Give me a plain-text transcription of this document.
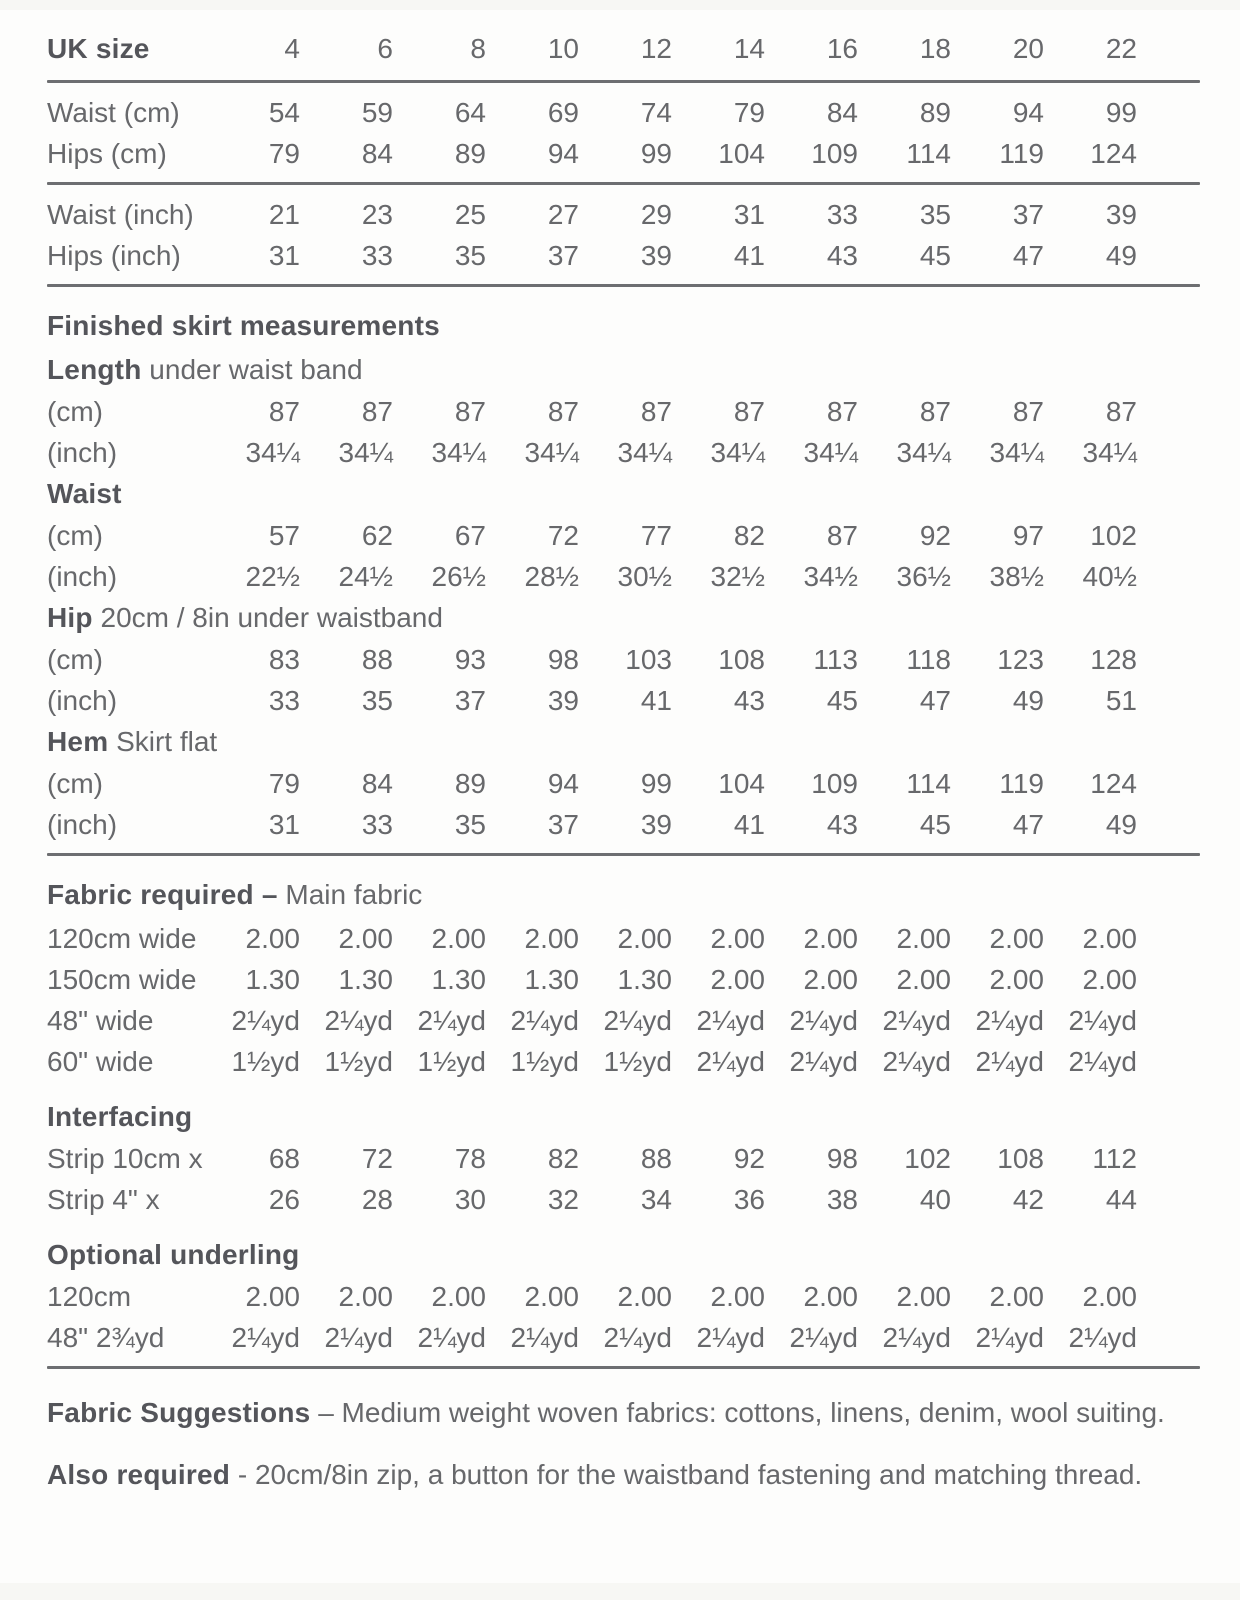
UK size	4	6	8	10	12	14	16	18	20	22	

Waist (cm)	54	59	64	69	74	79	84	89	94	99	
Hips (cm)	79	84	89	94	99	104	109	114	119	124	

Waist (inch)	21	23	25	27	29	31	33	35	37	39	
Hips (inch)	31	33	35	37	39	41	43	45	47	49	

Finished skirt measurements											
Length under waist band											
(cm)	87	87	87	87	87	87	87	87	87	87	
(inch)	34¼	34¼	34¼	34¼	34¼	34¼	34¼	34¼	34¼	34¼	
Waist											
(cm)	57	62	67	72	77	82	87	92	97	102	
(inch)	22½	24½	26½	28½	30½	32½	34½	36½	38½	40½	
Hip 20cm / 8in under waistband											
(cm)	83	88	93	98	103	108	113	118	123	128	
(inch)	33	35	37	39	41	43	45	47	49	51	
Hem Skirt flat											
(cm)	79	84	89	94	99	104	109	114	119	124	
(inch)	31	33	35	37	39	41	43	45	47	49	

Fabric required – Main fabric											
120cm wide	2.00	2.00	2.00	2.00	2.00	2.00	2.00	2.00	2.00	2.00	
150cm wide	1.30	1.30	1.30	1.30	1.30	2.00	2.00	2.00	2.00	2.00	
48" wide	2¼yd	2¼yd	2¼yd	2¼yd	2¼yd	2¼yd	2¼yd	2¼yd	2¼yd	2¼yd	
60" wide	1½yd	1½yd	1½yd	1½yd	1½yd	2¼yd	2¼yd	2¼yd	2¼yd	2¼yd	
Interfacing											
Strip 10cm x	68	72	78	82	88	92	98	102	108	112	
Strip 4" x	26	28	30	32	34	36	38	40	42	44	
Optional underling											
120cm	2.00	2.00	2.00	2.00	2.00	2.00	2.00	2.00	2.00	2.00	
48" 2¾yd	2¼yd	2¼yd	2¼yd	2¼yd	2¼yd	2¼yd	2¼yd	2¼yd	2¼yd	2¼yd	

Fabric Suggestions – Medium weight woven fabrics: cottons, linens, denim, wool suiting.

Also required - 20cm/8in zip, a button for the waistband fastening and matching thread.
